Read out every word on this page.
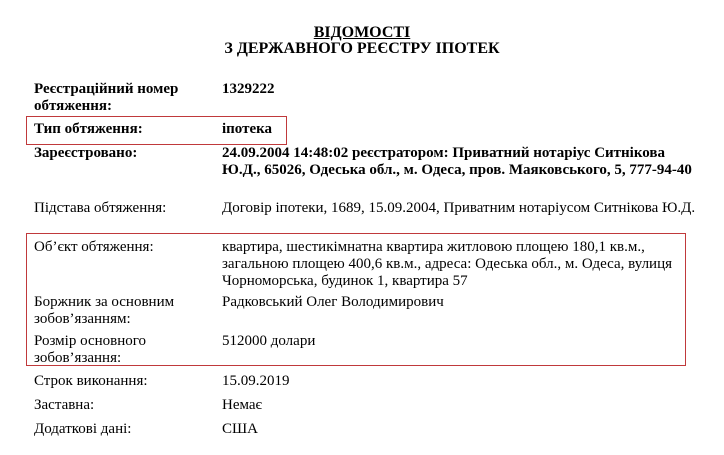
ВІДОМОСТІ
З ДЕРЖАВНОГО РЕЄСТРУ ІПОТЕК
Реєстраційний номер обтяження:
1329222
Тип обтяження:	іпотека
Зареєстровано:	24.09.2004 14:48:02 реєстратором: Приватний нотаріус Ситнікова Ю.Д., 65026, Одеська обл., м. Одеса, пров. Маяковського, 5, 777-94-40
Підстава обтяження:	Договір іпотеки, 1689, 15.09.2004, Приватним нотаріусом Ситнікова Ю.Д.
Об’єкт обтяження:	квартира, шестикімнатна квартира житловою площею 180,1 кв.м., загальною площею 400,6 кв.м., адреса: Одеська обл., м. Одеса, вулиця Чорноморська, будинок 1, квартира 57
Боржник за основним зобов’язанням:
Радковський Олег Володимирович
Розмір основного зобов’язання:
512000 долари
Строк виконання:	15.09.2019
Заставна:	Немає
Додаткові дані:	США
